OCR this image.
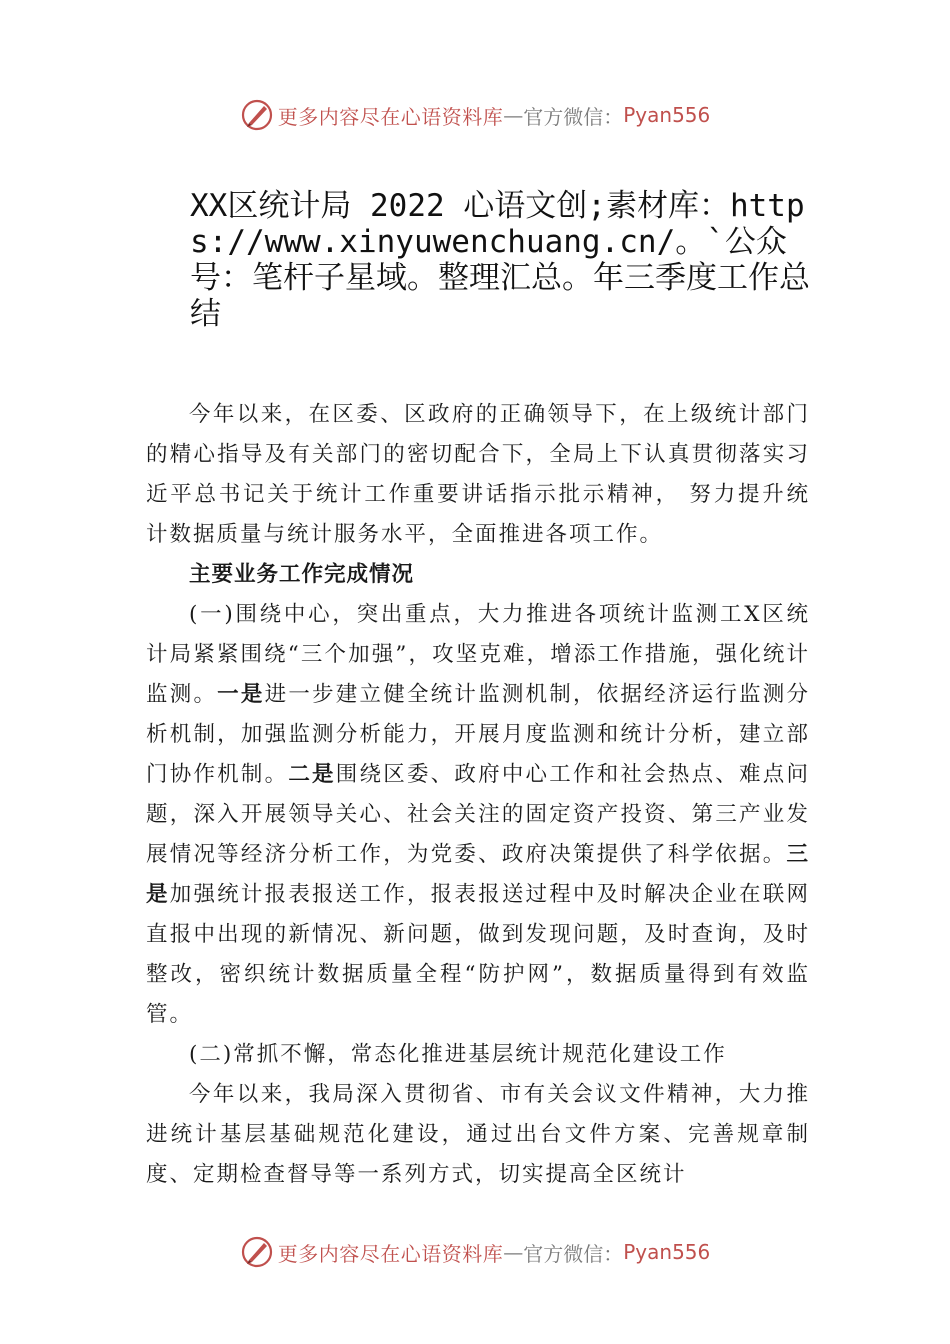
更多内容尽在心语资料库 — 官方微信： Pyan556
XX区统计局 2022 心语文创;素材库：https://www.xinyuwenchuang.cn/。`公众号：笔杆子星域。整理汇总。年三季度工作总结

今年以来，在区委、区政府的正确领导下，在上级统计部门的精心指导及有关部门的密切配合下，全局上下认真贯彻落实习近平总书记关于统计工作重要讲话指示批示精神， 努力提升统计数据质量与统计服务水平，全面推进各项工作。

主要业务工作完成情况

(一)围绕中心，突出重点，大力推进各项统计监测工X区统计局紧紧围绕“三个加强”，攻坚克难，增添工作措施，强化统计监测。一是进一步建立健全统计监测机制，依据经济运行监测分析机制，加强监测分析能力，开展月度监测和统计分析，建立部门协作机制。二是围绕区委、政府中心工作和社会热点、难点问题，深入开展领导关心、社会关注的固定资产投资、第三产业发展情况等经济分析工作，为党委、政府决策提供了科学依据。三是加强统计报表报送工作，报表报送过程中及时解决企业在联网直报中出现的新情况、新问题，做到发现问题，及时查询，及时整改，密织统计数据质量全程“防护网”，数据质量得到有效监管。

(二)常抓不懈，常态化推进基层统计规范化建设工作

今年以来，我局深入贯彻省、市有关会议文件精神，大力推进统计基层基础规范化建设，通过出台文件方案、完善规章制度、定期检查督导等一系列方式，切实提高全区统计

更多内容尽在心语资料库 — 官方微信： Pyan556
